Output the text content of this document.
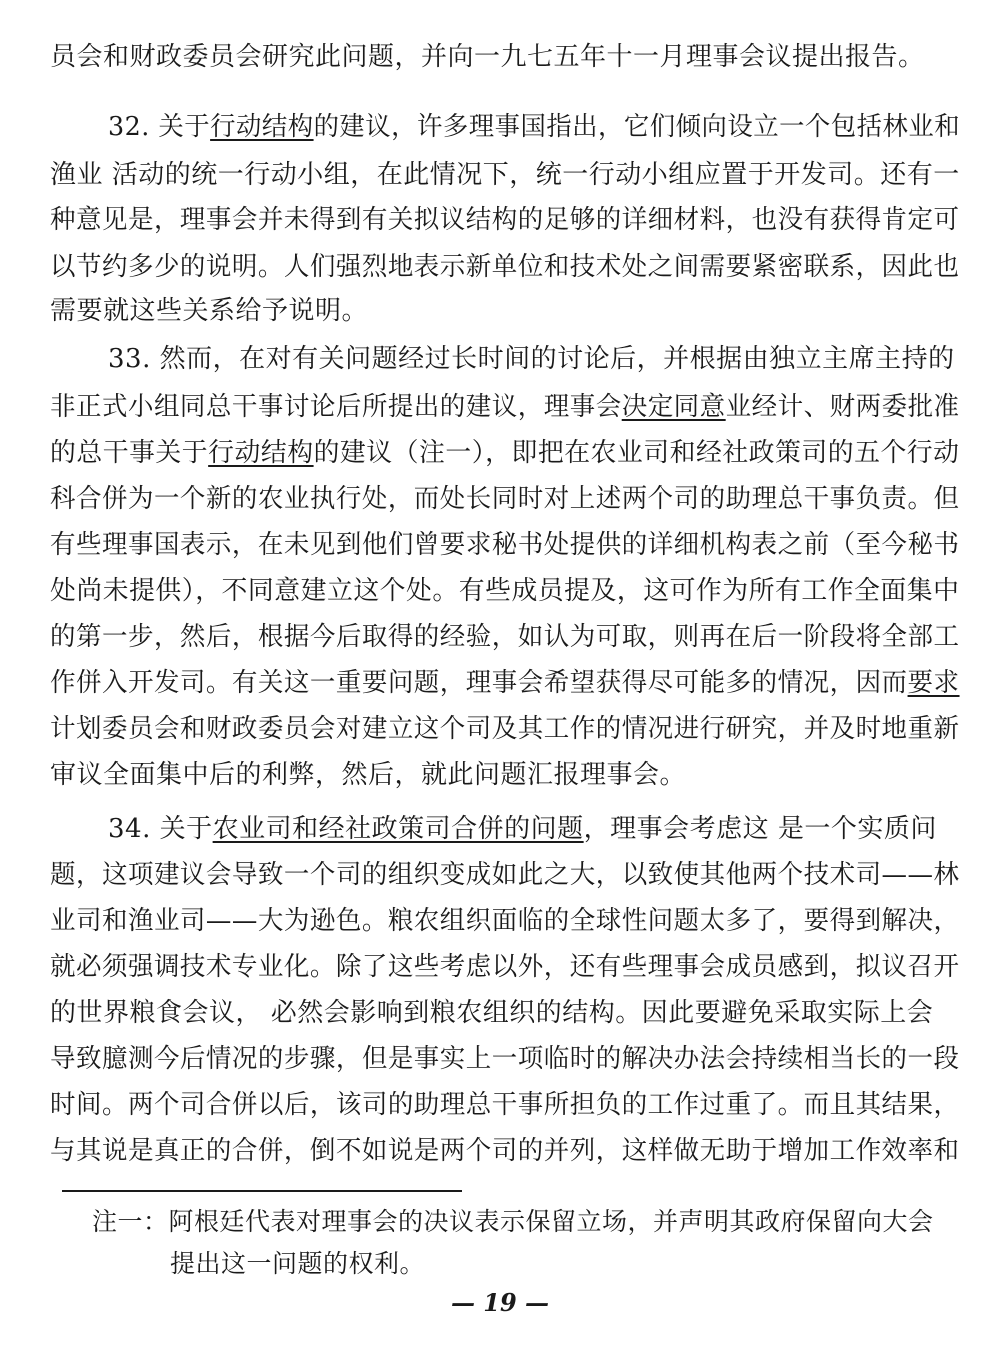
员会和财政委员会研究此问题，并向一九七五年十一月理事会议提出报告。
32. 关于行动结构的建议，许多理事国指出，它们倾向设立一个包括林业和
渔业 活动的统一行动小组，在此情况下，统一行动小组应置于开发司。还有一
种意见是，理事会并未得到有关拟议结构的足够的详细材料，也没有获得肯定可
以节约多少的说明。人们强烈地表示新单位和技术处之间需要紧密联系，因此也
需要就这些关系给予说明。
33. 然而，在对有关问题经过长时间的讨论后，并根据由独立主席主持的
非正式小组同总干事讨论后所提出的建议，理事会决定同意业经计、财两委批准
的总干事关于行动结构的建议（注一），即把在农业司和经社政策司的五个行动
科合併为一个新的农业执行处，而处长同时对上述两个司的助理总干事负责。但
有些理事国表示，在未见到他们曾要求秘书处提供的详细机构表之前（至今秘书
处尚未提供），不同意建立这个处。有些成员提及，这可作为所有工作全面集中
的第一步，然后，根据今后取得的经验，如认为可取，则再在后一阶段将全部工
作併入开发司。有关这一重要问题，理事会希望获得尽可能多的情况，因而要求
计划委员会和财政委员会对建立这个司及其工作的情况进行研究，并及时地重新
审议全面集中后的利弊，然后，就此问题汇报理事会。
34. 关于农业司和经社政策司合併的问题，理事会考虑这 是一个实质问
题，这项建议会导致一个司的组织变成如此之大，以致使其他两个技术司——林
业司和渔业司——大为逊色。粮农组织面临的全球性问题太多了，要得到解决，
就必须强调技术专业化。除了这些考虑以外，还有些理事会成员感到，拟议召开
的世界粮食会议， 必然会影响到粮农组织的结构。因此要避免采取实际上会
导致臆测今后情况的步骤，但是事实上一项临时的解决办法会持续相当长的一段
时间。两个司合併以后，该司的助理总干事所担负的工作过重了。而且其结果，
与其说是真正的合併，倒不如说是两个司的并列，这样做无助于增加工作效率和
注一：阿根廷代表对理事会的决议表示保留立场，并声明其政府保留向大会
提出这一问题的权利。
— 19 —
